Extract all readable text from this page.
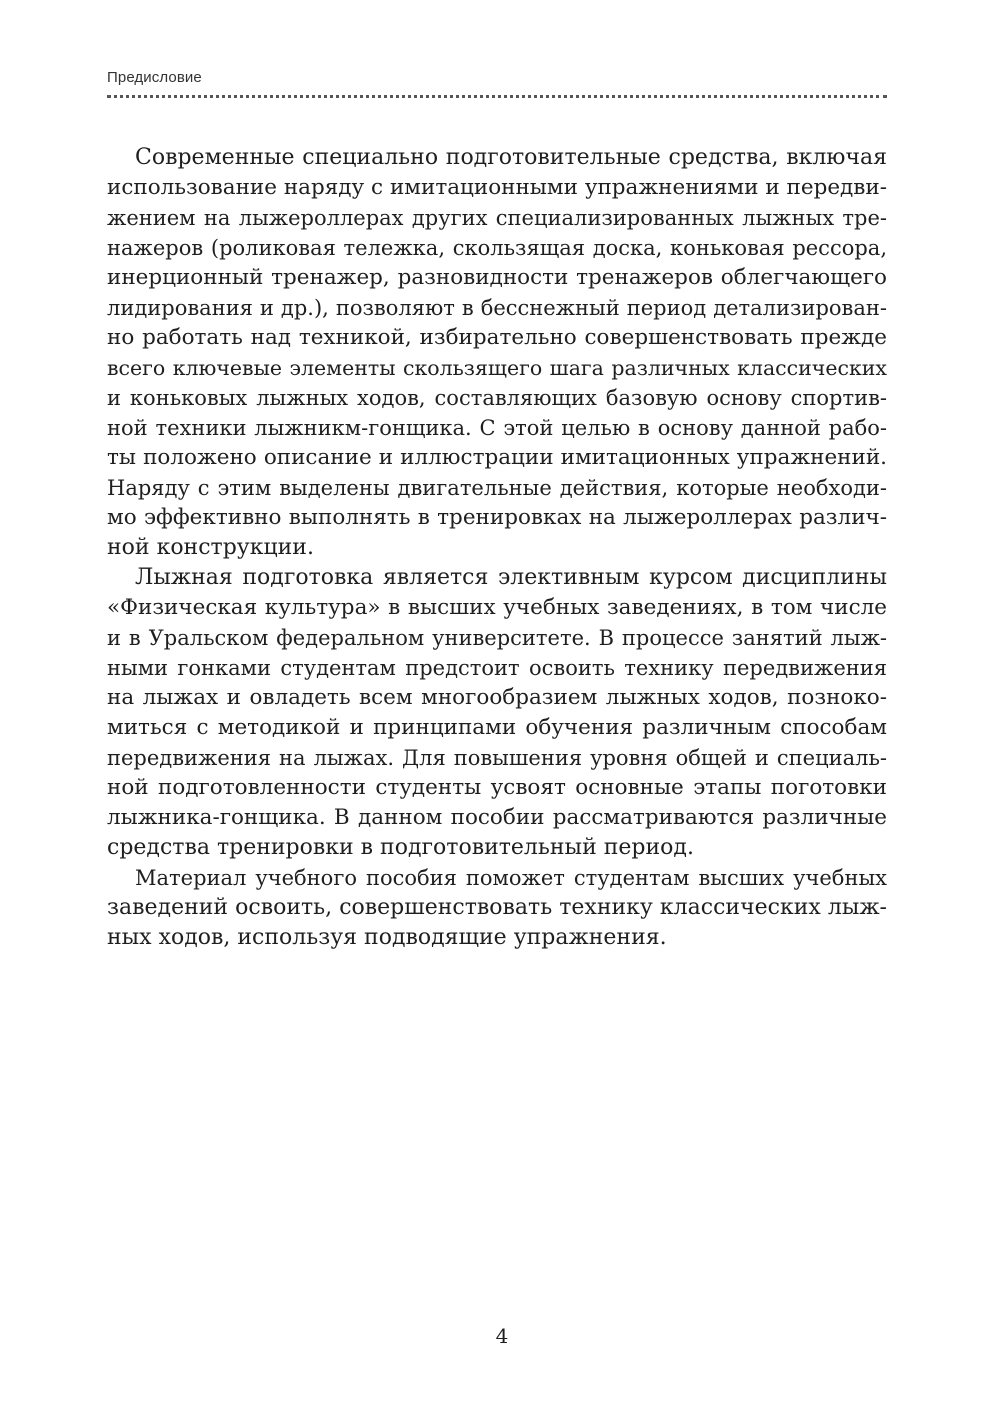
Предисловие

Современные специально подготовительные средства, включая
использование наряду с имитационными упражнениями и передви-
жением на лыжероллерах других специализированных лыжных тре-
нажеров (роликовая тележка, скользящая доска, коньковая рессора,
инерционный тренажер, разновидности тренажеров облегчающего
лидирования и др.), позволяют в бесснежный период детализирован-
но работать над техникой, избирательно совершенствовать прежде
всего ключевые элементы скользящего шага различных классических
и коньковых лыжных ходов, составляющих базовую основу спортив-
ной техники лыжникм-гонщика. С этой целью в основу данной рабо-
ты положено описание и иллюстрации имитационных упражнений.
Наряду с этим выделены двигательные действия, которые необходи-
мо эффективно выполнять в тренировках на лыжероллерах различ-
ной конструкции.

Лыжная подготовка является элективным курсом дисциплины
«Физическая культура» в высших учебных заведениях, в том числе
и в Уральском федеральном университете. В процессе занятий лыж-
ными гонками студентам предстоит освоить технику передвижения
на лыжах и овладеть всем многообразием лыжных ходов, позноко-
миться с методикой и принципами обучения различным способам
передвижения на лыжах. Для повышения уровня общей и специаль-
ной подготовленности студенты усвоят основные этапы поготовки
лыжника-гонщика. В данном пособии рассматриваются различные
средства тренировки в подготовительный период.

Материал учебного пособия поможет студентам высших учебных
заведений освоить, совершенствовать технику классических лыж-
ных ходов, используя подводящие упражнения.

4
